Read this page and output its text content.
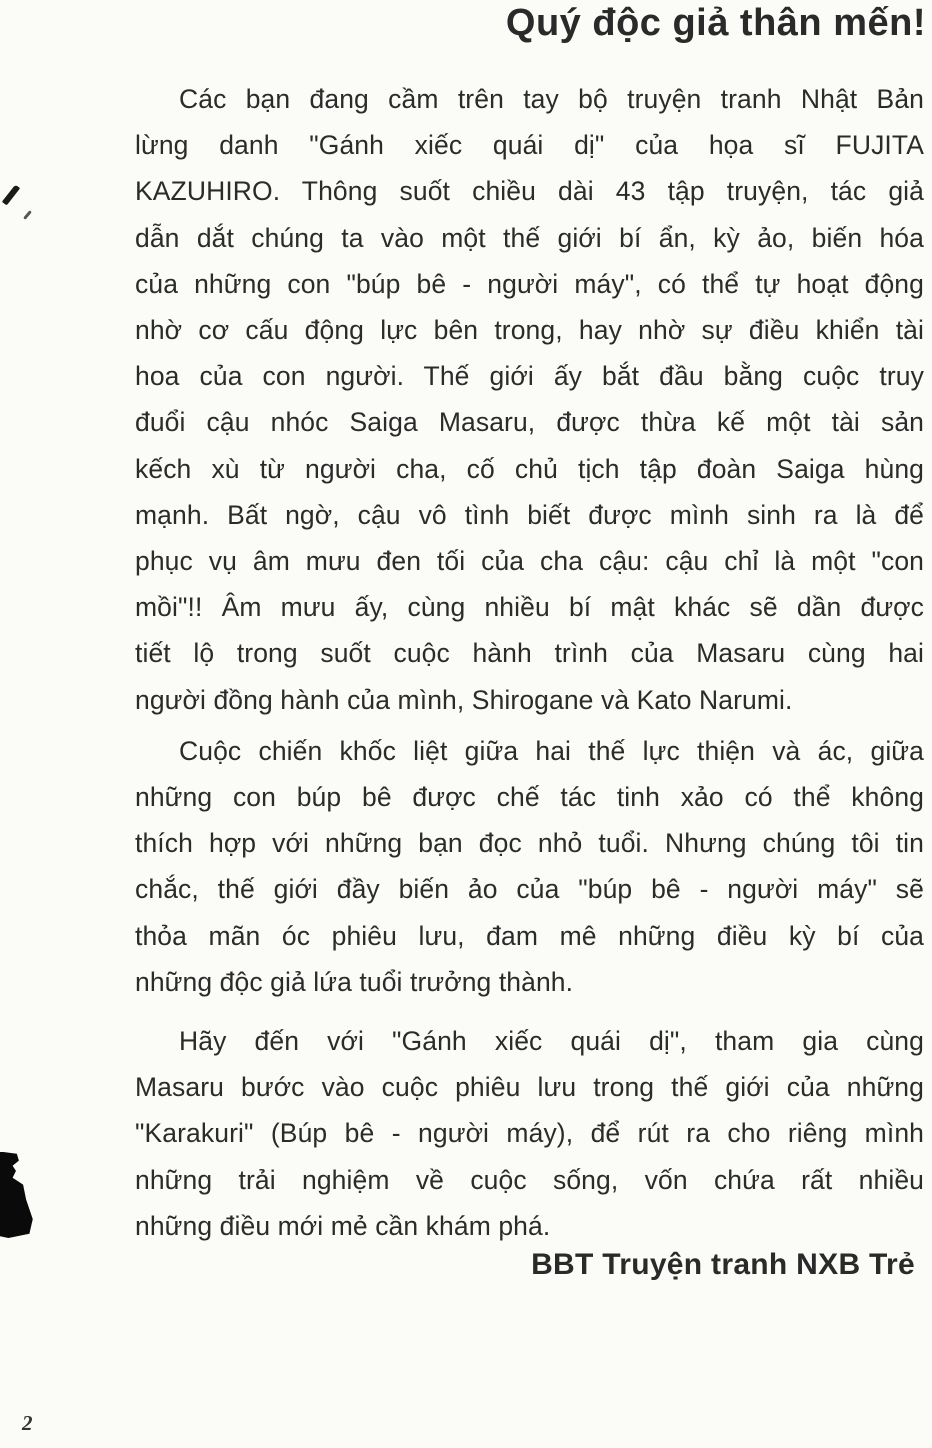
Quý độc giả thân mến!
Các bạn đang cầm trên tay bộ truyện tranh Nhật Bản
lừng danh "Gánh xiếc quái dị" của họa sĩ FUJITA
KAZUHIRO. Thông suốt chiều dài 43 tập truyện, tác giả
dẫn dắt chúng ta vào một thế giới bí ẩn, kỳ ảo, biến hóa
của những con "búp bê - người máy", có thể tự hoạt động
nhờ cơ cấu động lực bên trong, hay nhờ sự điều khiển tài
hoa của con người. Thế giới ấy bắt đầu bằng cuộc truy
đuổi cậu nhóc Saiga Masaru, được thừa kế một tài sản
kếch xù từ người cha, cố chủ tịch tập đoàn Saiga hùng
mạnh. Bất ngờ, cậu vô tình biết được mình sinh ra là để
phục vụ âm mưu đen tối của cha cậu: cậu chỉ là một "con
mồi"!! Âm mưu ấy, cùng nhiều bí mật khác sẽ dần được
tiết lộ trong suốt cuộc hành trình của Masaru cùng hai
người đồng hành của mình, Shirogane và Kato Narumi.
Cuộc chiến khốc liệt giữa hai thế lực thiện và ác, giữa
những con búp bê được chế tác tinh xảo có thể không
thích hợp với những bạn đọc nhỏ tuổi. Nhưng chúng tôi tin
chắc, thế giới đầy biến ảo của "búp bê - người máy" sẽ
thỏa mãn óc phiêu lưu, đam mê những điều kỳ bí của
những độc giả lứa tuổi trưởng thành.
Hãy đến với "Gánh xiếc quái dị", tham gia cùng
Masaru bước vào cuộc phiêu lưu trong thế giới của những
"Karakuri" (Búp bê - người máy), để rút ra cho riêng mình
những trải nghiệm về cuộc sống, vốn chứa rất nhiều
những điều mới mẻ cần khám phá.
BBT Truyện tranh NXB Trẻ
2
